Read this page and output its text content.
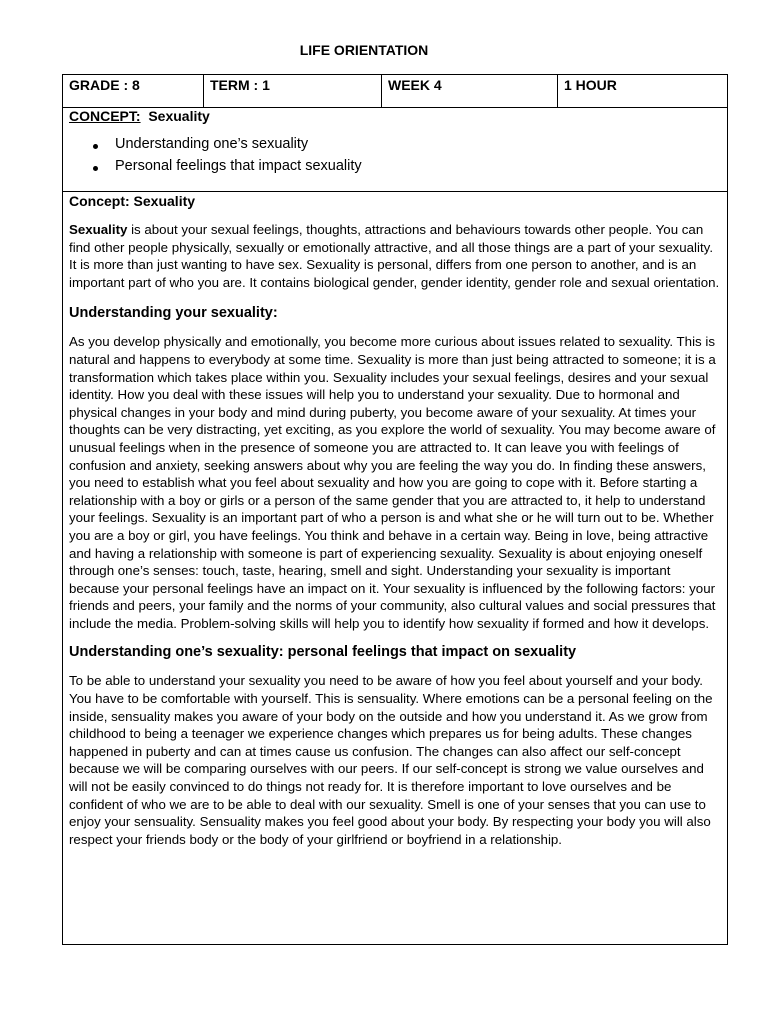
LIFE ORIENTATION
GRADE : 8	TERM : 1	WEEK 4	1 HOUR
CONCEPT: Sexuality
Understanding one’s sexuality
Personal feelings that impact sexuality
Concept: Sexuality

Sexuality is about your sexual feelings, thoughts, attractions and behaviours towards other people. You can find other people physically, sexually or emotionally attractive, and all those things are a part of your sexuality. It is more than just wanting to have sex. Sexuality is personal, differs from one person to another, and is an important part of who you are. It contains biological gender, gender identity, gender role and sexual orientation.

Understanding your sexuality:

As you develop physically and emotionally, you become more curious about issues related to sexuality. This is natural and happens to everybody at some time. Sexuality is more than just being attracted to someone; it is a transformation which takes place within you. Sexuality includes your sexual feelings, desires and your sexual identity. How you deal with these issues will help you to understand your sexuality. Due to hormonal and physical changes in your body and mind during puberty, you become aware of your sexuality. At times your thoughts can be very distracting, yet exciting, as you explore the world of sexuality. You may become aware of unusual feelings when in the presence of someone you are attracted to. It can leave you with feelings of confusion and anxiety, seeking answers about why you are feeling the way you do. In finding these answers, you need to establish what you feel about sexuality and how you are going to cope with it. Before starting a relationship with a boy or girls or a person of the same gender that you are attracted to, it help to understand your feelings. Sexuality is an important part of who a person is and what she or he will turn out to be. Whether you are a boy or girl, you have feelings. You think and behave in a certain way. Being in love, being attractive and having a relationship with someone is part of experiencing sexuality. Sexuality is about enjoying oneself through one’s senses: touch, taste, hearing, smell and sight. Understanding your sexuality is important because your personal feelings have an impact on it. Your sexuality is influenced by the following factors: your friends and peers, your family and the norms of your community, also cultural values and social pressures that include the media. Problem-solving skills will help you to identify how sexuality if formed and how it develops.

Understanding one’s sexuality: personal feelings that impact on sexuality

To be able to understand your sexuality you need to be aware of how you feel about yourself and your body. You have to be comfortable with yourself. This is sensuality. Where emotions can be a personal feeling on the inside, sensuality makes you aware of your body on the outside and how you understand it. As we grow from childhood to being a teenager we experience changes which prepares us for being adults. These changes happened in puberty and can at times cause us confusion. The changes can also affect our self-concept because we will be comparing ourselves with our peers. If our self-concept is strong we value ourselves and will not be easily convinced to do things not ready for. It is therefore important to love ourselves and be confident of who we are to be able to deal with our sexuality. Smell is one of your senses that you can use to enjoy your sensuality. Sensuality makes you feel good about your body. By respecting your body you will also respect your friends body or the body of your girlfriend or boyfriend in a relationship.
